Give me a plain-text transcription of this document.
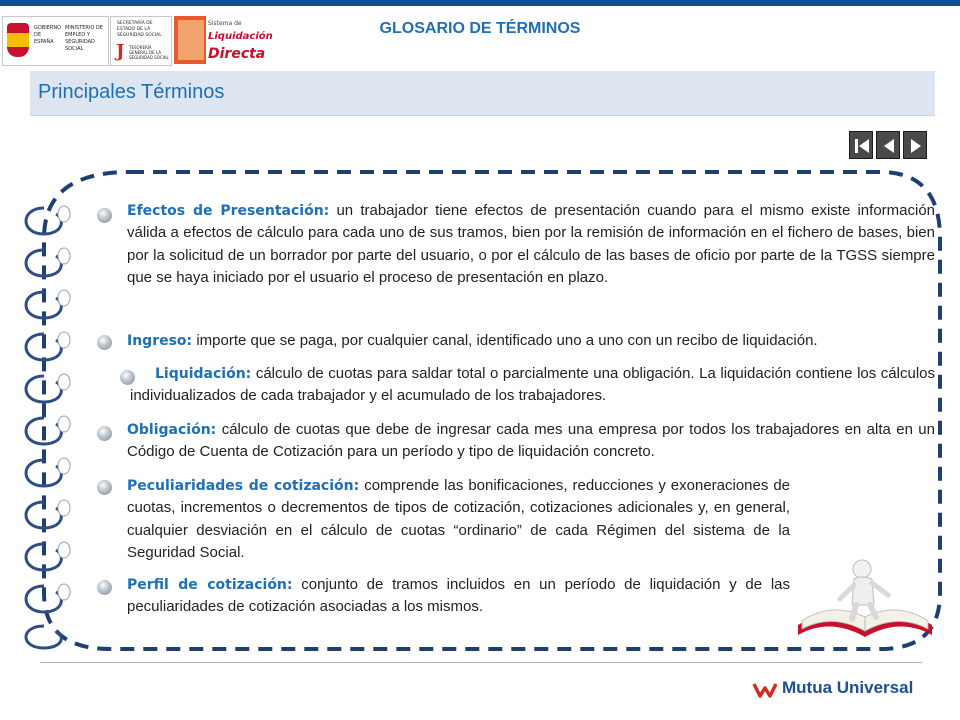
GOBIERNO DE ESPAÑA
MINISTERIO DE EMPLEO Y SEGURIDAD SOCIAL
SECRETARÍA DE ESTADO DE LA SEGURIDAD SOCIAL
J TESORERÍA GENERAL DE LA SEGURIDAD SOCIAL
Sistema de
Liquidación
Directa
GLOSARIO DE TÉRMINOS
Principales Términos
Efectos de Presentación: un trabajador tiene efectos de presentación cuando para el mismo existe información válida a efectos de cálculo para cada uno de sus tramos, bien por la remisión de información en el fichero de bases, bien por la solicitud de un borrador por parte del usuario, o por el cálculo de las bases de oficio por parte de la TGSS siempre que se haya iniciado por el usuario el proceso de presentación en plazo.
Ingreso: importe que se paga, por cualquier canal, identificado uno a uno con un recibo de liquidación.
Liquidación: cálculo de cuotas para saldar total o parcialmente una obligación. La liquidación contiene los cálculos individualizados de cada trabajador y el acumulado de los trabajadores.
Obligación: cálculo de cuotas que debe de ingresar cada mes una empresa por todos los trabajadores en alta en un Código de Cuenta de Cotización para un período y tipo de liquidación concreto.
Peculiaridades de cotización: comprende las bonificaciones, reducciones y exoneraciones de cuotas, incrementos o decrementos de tipos de cotización, cotizaciones adicionales y, en general, cualquier desviación en el cálculo de cuotas “ordinario” de cada Régimen del sistema de la Seguridad Social.
Perfil de cotización: conjunto de tramos incluidos en un período de liquidación y de las peculiaridades de cotización asociadas a los mismos.
Mutua Universal
